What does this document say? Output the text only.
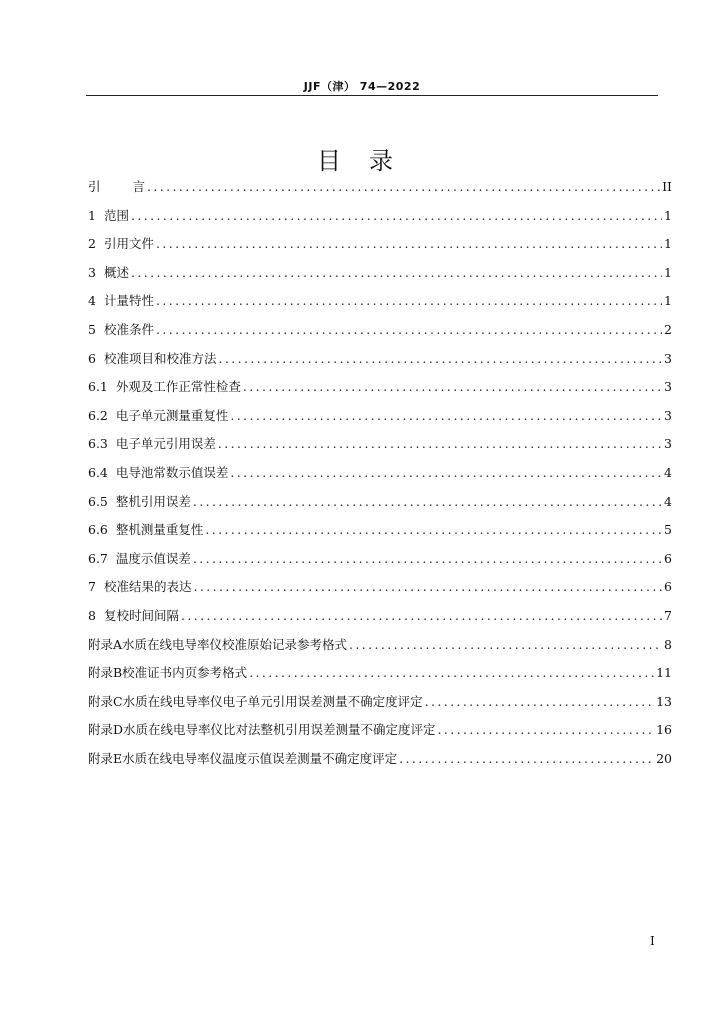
JJF（津） 74—2022
目录
引	言 .....	II
1 范围 .....	1
2 引用文件 .....	1
3 概述 .....	1
4 计量特性 .....	1
5 校准条件 .....	2
6 校准项目和校准方法 .....	3
6.1 外观及工作正常性检查 .....	3
6.2 电子单元测量重复性 .....	3
6.3 电子单元引用误差 .....	3
6.4 电导池常数示值误差 .....	4
6.5 整机引用误差 .....	4
6.6 整机测量重复性 .....	5
6.7 温度示值误差 .....	6
7 校准结果的表达 .....	6
8 复校时间间隔 .....	7
附录A水质在线电导率仪校准原始记录参考格式 .....	8
附录B校准证书内页参考格式 .....	11
附录C水质在线电导率仪电子单元引用误差测量不确定度评定 .....	13
附录D水质在线电导率仪比对法整机引用误差测量不确定度评定 .....	16
附录E水质在线电导率仪温度示值误差测量不确定度评定 .....	20
I
